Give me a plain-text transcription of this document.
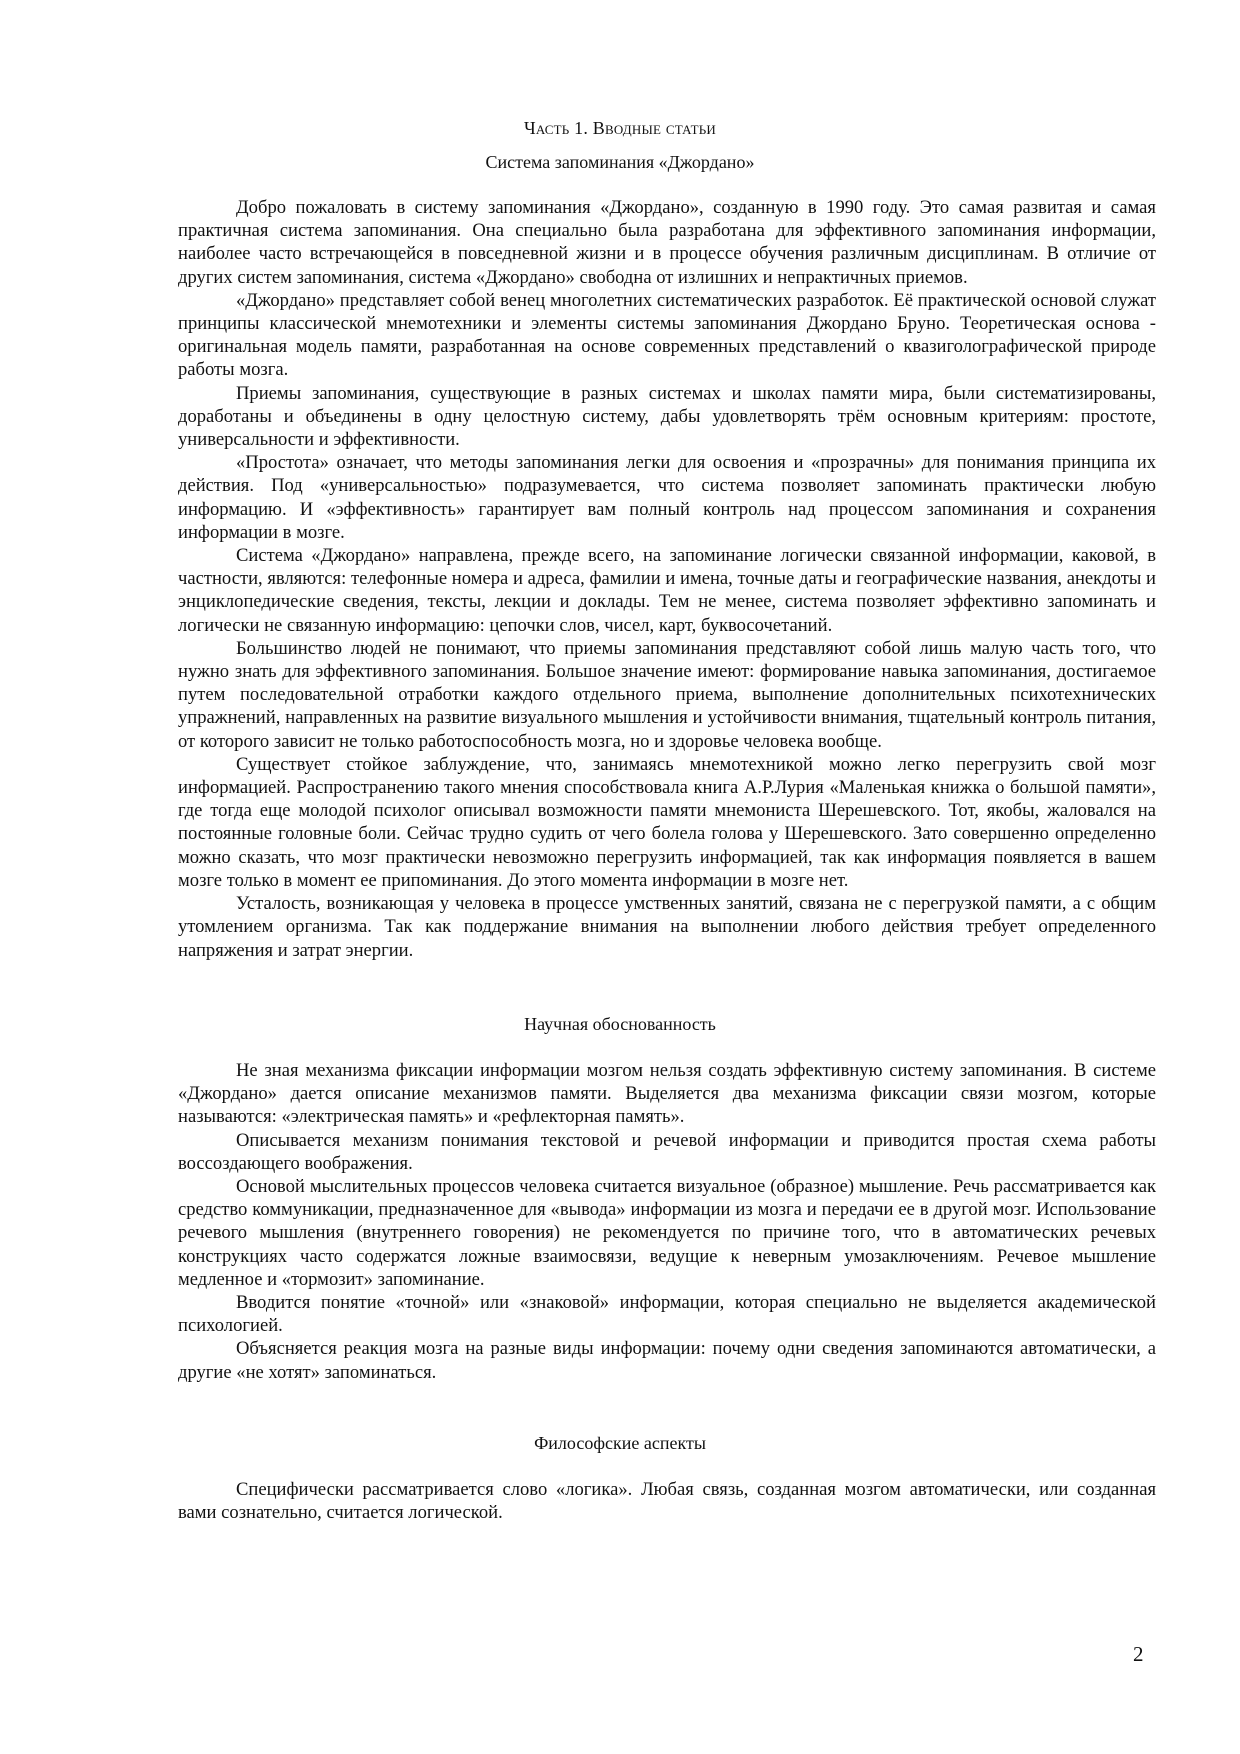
Часть 1. Вводные статьи
Система запоминания «Джордано»

Добро пожаловать в систему запоминания «Джордано», созданную в 1990 году. Это самая развитая и самая практичная система запоминания. Она специально была разработана для эффективного запоминания информации, наиболее часто встречающейся в повседневной жизни и в процессе обучения различным дисциплинам. В отличие от других систем запоминания, система «Джордано» свободна от излишних и непрактичных приемов.

«Джордано» представляет собой венец многолетних систематических разработок. Её практической основой служат принципы классической мнемотехники и элементы системы запоминания Джордано Бруно. Теоретическая основа - оригинальная модель памяти, разработанная на основе современных представлений о квазиголографической природе работы мозга.

Приемы запоминания, существующие в разных системах и школах памяти мира, были систематизированы, доработаны и объединены в одну целостную систему, дабы удовлетворять трём основным критериям: простоте, универсальности и эффективности.

«Простота» означает, что методы запоминания легки для освоения и «прозрачны» для понимания принципа их действия. Под «универсальностью» подразумевается, что система позволяет запоминать практически любую информацию. И «эффективность» гарантирует вам полный контроль над процессом запоминания и сохранения информации в мозге.

Система «Джордано» направлена, прежде всего, на запоминание логически связанной информации, каковой, в частности, являются: телефонные номера и адреса, фамилии и имена, точные даты и географические названия, анекдоты и энциклопедические сведения, тексты, лекции и доклады. Тем не менее, система позволяет эффективно запоминать и логически не связанную информацию: цепочки слов, чисел, карт, буквосочетаний.

Большинство людей не понимают, что приемы запоминания представляют собой лишь малую часть того, что нужно знать для эффективного запоминания. Большое значение имеют: формирование навыка запоминания, достигаемое путем последовательной отработки каждого отдельного приема, выполнение дополнительных психотехнических упражнений, направленных на развитие визуального мышления и устойчивости внимания, тщательный контроль питания, от которого зависит не только работоспособность мозга, но и здоровье человека вообще.

Существует стойкое заблуждение, что, занимаясь мнемотехникой можно легко перегрузить свой мозг информацией. Распространению такого мнения способствовала книга А.Р.Лурия «Маленькая книжка о большой памяти», где тогда еще молодой психолог описывал возможности памяти мнемониста Шерешевского. Тот, якобы, жаловался на постоянные головные боли. Сейчас трудно судить от чего болела голова у Шерешевского. Зато совершенно определенно можно сказать, что мозг практически невозможно перегрузить информацией, так как информация появляется в вашем мозге только в момент ее припоминания. До этого момента информации в мозге нет.

Усталость, возникающая у человека в процессе умственных занятий, связана не с перегрузкой памяти, а с общим утомлением организма. Так как поддержание внимания на выполнении любого действия требует определенного напряжения и затрат энергии.

Научная обоснованность

Не зная механизма фиксации информации мозгом нельзя создать эффективную систему запоминания. В системе «Джордано» дается описание механизмов памяти. Выделяется два механизма фиксации связи мозгом, которые называются: «электрическая память» и «рефлекторная память».

Описывается механизм понимания текстовой и речевой информации и приводится простая схема работы воссоздающего воображения.

Основой мыслительных процессов человека считается визуальное (образное) мышление. Речь рассматривается как средство коммуникации, предназначенное для «вывода» информации из мозга и передачи ее в другой мозг. Использование речевого мышления (внутреннего говорения) не рекомендуется по причине того, что в автоматических речевых конструкциях часто содержатся ложные взаимосвязи, ведущие к неверным умозаключениям. Речевое мышление медленное и «тормозит» запоминание.

Вводится понятие «точной» или «знаковой» информации, которая специально не выделяется академической психологией.

Объясняется реакция мозга на разные виды информации: почему одни сведения запоминаются автоматически, а другие «не хотят» запоминаться.

Философские аспекты

Специфически рассматривается слово «логика». Любая связь, созданная мозгом автоматически, или созданная вами сознательно, считается логической.

2
